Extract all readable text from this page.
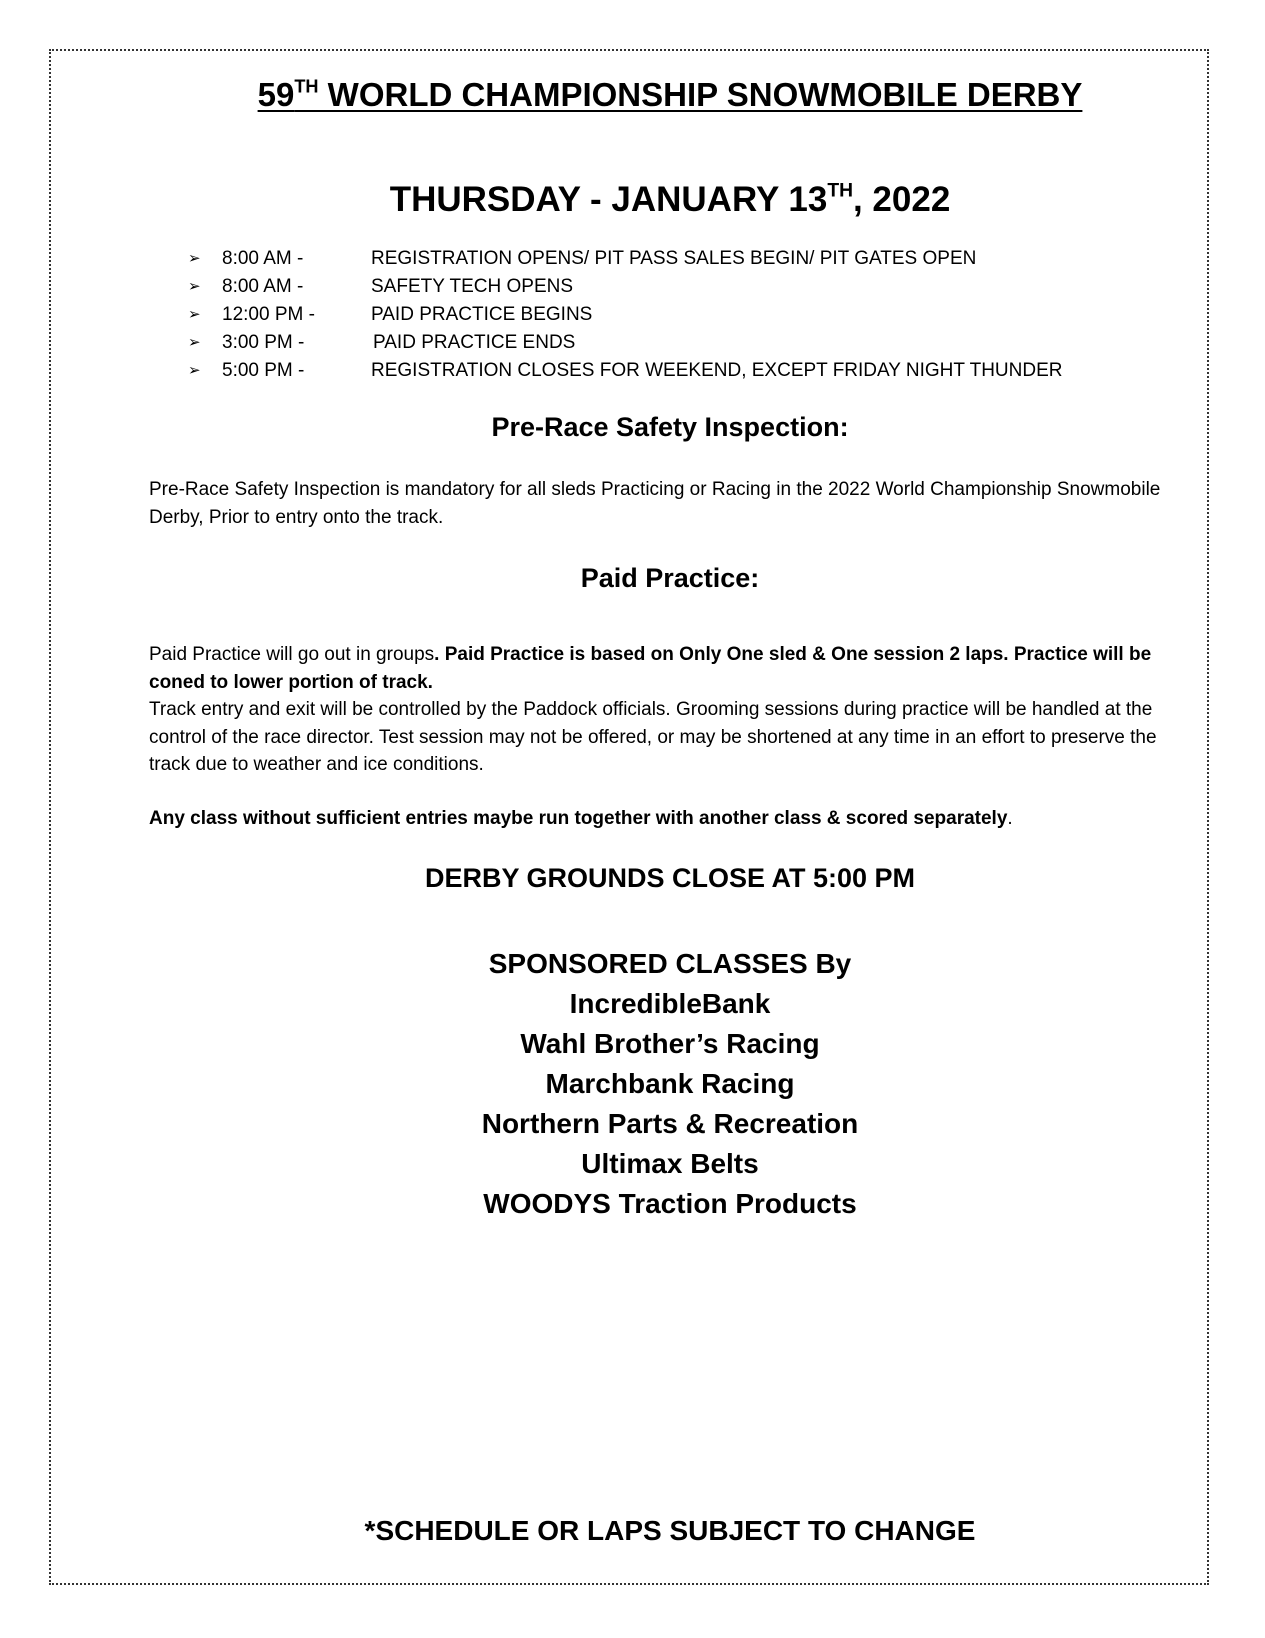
59TH WORLD CHAMPIONSHIP SNOWMOBILE DERBY
THURSDAY - JANUARY 13TH, 2022
➢ 8:00 AM -	REGISTRATION OPENS/ PIT PASS SALES BEGIN/ PIT GATES OPEN
➢ 8:00 AM -	SAFETY TECH OPENS
➢ 12:00 PM -	PAID PRACTICE BEGINS
➢ 3:00 PM -	PAID PRACTICE ENDS
➢ 5:00 PM -	REGISTRATION CLOSES FOR WEEKEND, EXCEPT FRIDAY NIGHT THUNDER
Pre-Race Safety Inspection:

Pre-Race Safety Inspection is mandatory for all sleds Practicing or Racing in the 2022 World Championship Snowmobile Derby, Prior to entry onto the track.

Paid Practice:

Paid Practice will go out in groups. Paid Practice is based on Only One sled & One session 2 laps. Practice will be coned to lower portion of track.
Track entry and exit will be controlled by the Paddock officials. Grooming sessions during practice will be handled at the control of the race director. Test session may not be offered, or may be shortened at any time in an effort to preserve the track due to weather and ice conditions.

Any class without sufficient entries maybe run together with another class & scored separately.

DERBY GROUNDS CLOSE AT 5:00 PM
SPONSORED CLASSES By
IncredibleBank
Wahl Brother’s Racing
Marchbank Racing
Northern Parts & Recreation
Ultimax Belts
WOODYS Traction Products
*SCHEDULE OR LAPS SUBJECT TO CHANGE
